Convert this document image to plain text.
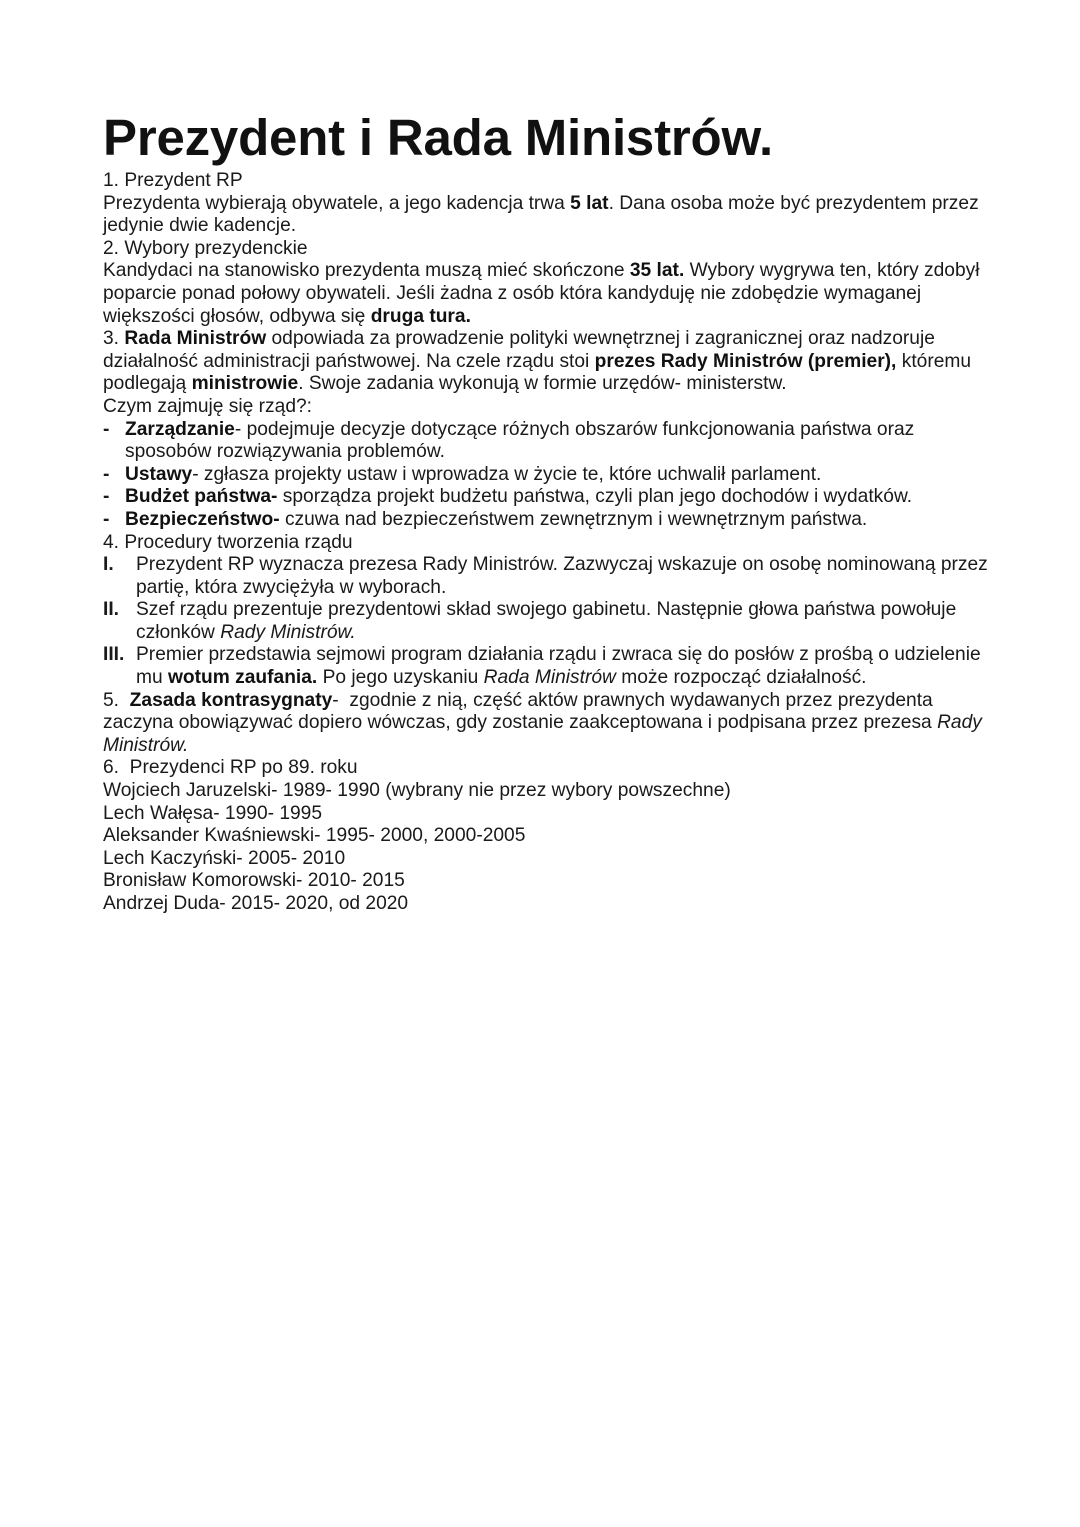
Prezydent i Rada Ministrów.

1. Prezydent RP

Prezydenta wybierają obywatele, a jego kadencja trwa 5 lat. Dana osoba może być prezydentem przez jedynie dwie kadencje.

2. Wybory prezydenckie

Kandydaci na stanowisko prezydenta muszą mieć skończone 35 lat. Wybory wygrywa ten, który zdobył poparcie ponad połowy obywateli. Jeśli żadna z osób która kandyduję nie zdobędzie wymaganej większości głosów, odbywa się druga tura.

3. Rada Ministrów odpowiada za prowadzenie polityki wewnętrznej i zagranicznej oraz nadzoruje działalność administracji państwowej. Na czele rządu stoi prezes Rady Ministrów (premier), któremu podlegają ministrowie. Swoje zadania wykonują w formie urzędów- ministerstw.

Czym zajmuję się rząd?:

- Zarządzanie- podejmuje decyzje dotyczące różnych obszarów funkcjonowania państwa oraz sposobów rozwiązywania problemów.
- Ustawy- zgłasza projekty ustaw i wprowadza w życie te, które uchwalił parlament.
- Budżet państwa- sporządza projekt budżetu państwa, czyli plan jego dochodów i wydatków.
- Bezpieczeństwo- czuwa nad bezpieczeństwem zewnętrznym i wewnętrznym państwa.

4. Procedury tworzenia rządu

I.	Prezydent RP wyznacza prezesa Rady Ministrów. Zazwyczaj wskazuje on osobę nominowaną przez partię, która zwyciężyła w wyborach.
II. Szef rządu prezentuje prezydentowi skład swojego gabinetu. Następnie głowa państwa powołuje członków Rady Ministrów.
III. Premier przedstawia sejmowi program działania rządu i zwraca się do posłów z prośbą o udzielenie mu wotum zaufania. Po jego uzyskaniu Rada Ministrów może rozpocząć działalność.

5.  Zasada kontrasygnaty-  zgodnie z nią, część aktów prawnych wydawanych przez prezydenta zaczyna obowiązywać dopiero wówczas, gdy zostanie zaakceptowana i podpisana przez prezesa Rady Ministrów.

6.  Prezydenci RP po 89. roku

Wojciech Jaruzelski- 1989- 1990 (wybrany nie przez wybory powszechne)

Lech Wałęsa- 1990- 1995

Aleksander Kwaśniewski- 1995- 2000, 2000-2005

Lech Kaczyński- 2005- 2010

Bronisław Komorowski- 2010- 2015

Andrzej Duda- 2015- 2020, od 2020
